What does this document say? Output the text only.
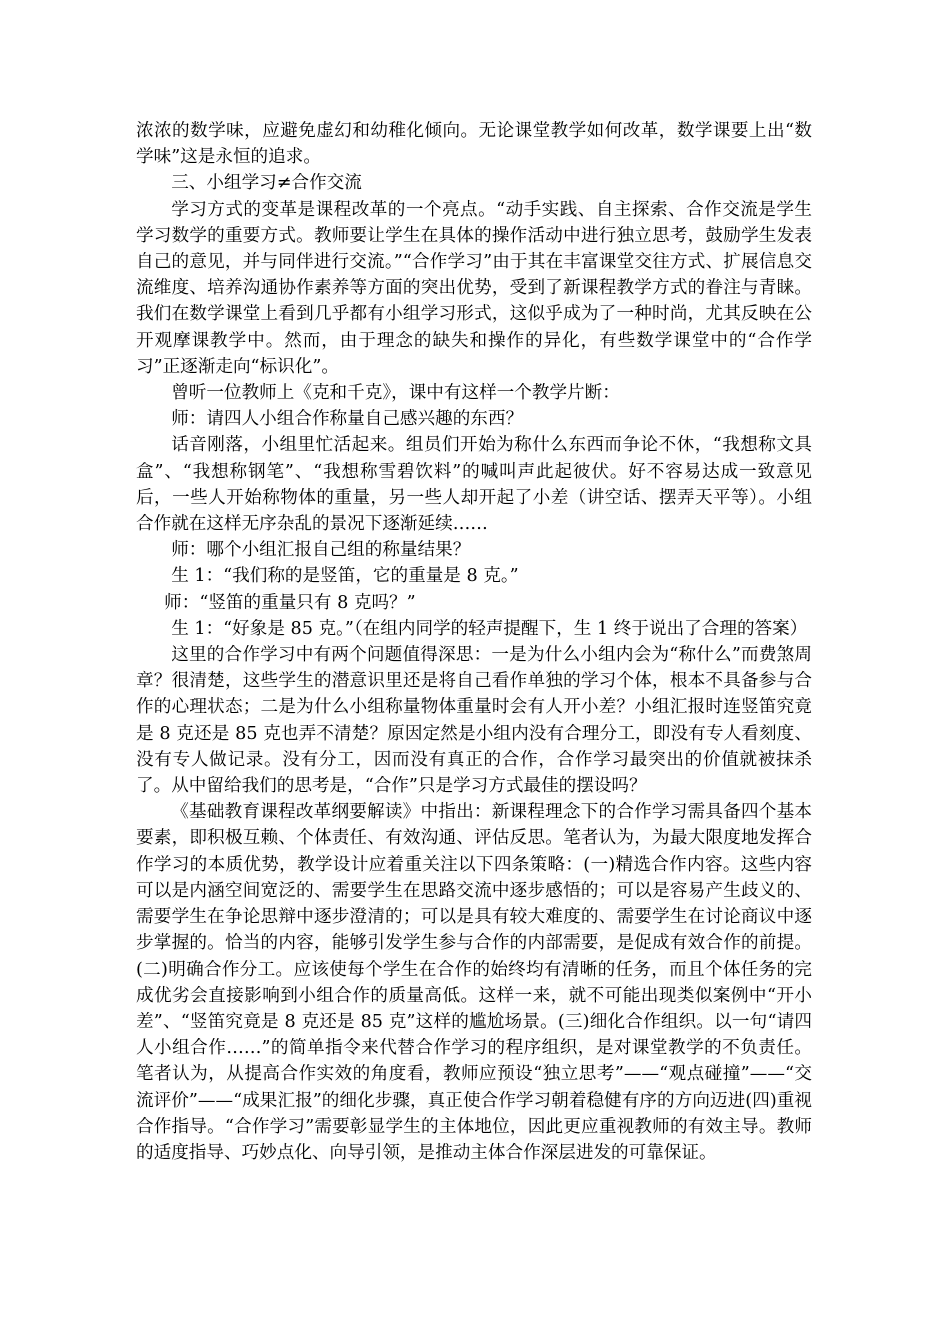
浓浓的数学味，应避免虚幻和幼稚化倾向。无论课堂教学如何改革，数学课要上出“数学味”这是永恒的追求。

三、小组学习≠合作交流

学习方式的变革是课程改革的一个亮点。“动手实践、自主探索、合作交流是学生学习数学的重要方式。教师要让学生在具体的操作活动中进行独立思考，鼓励学生发表自己的意见，并与同伴进行交流。”“合作学习”由于其在丰富课堂交往方式、扩展信息交流维度、培养沟通协作素养等方面的突出优势，受到了新课程教学方式的眷注与青睐。我们在数学课堂上看到几乎都有小组学习形式，这似乎成为了一种时尚，尤其反映在公开观摩课教学中。然而，由于理念的缺失和操作的异化，有些数学课堂中的“合作学习”正逐渐走向“标识化”。

曾听一位教师上《克和千克》，课中有这样一个教学片断：

师：请四人小组合作称量自己感兴趣的东西？

话音刚落，小组里忙活起来。组员们开始为称什么东西而争论不休，“我想称文具盒”、“我想称钢笔”、“我想称雪碧饮料”的喊叫声此起彼伏。好不容易达成一致意见后，一些人开始称物体的重量，另一些人却开起了小差（讲空话、摆弄天平等）。小组合作就在这样无序杂乱的景况下逐渐延续……

师：哪个小组汇报自己组的称量结果？

生 1：“我们称的是竖笛，它的重量是 8 克。”

师：“竖笛的重量只有 8 克吗？”

生 1：“好象是 85 克。”（在组内同学的轻声提醒下，生 1 终于说出了合理的答案）

这里的合作学习中有两个问题值得深思：一是为什么小组内会为“称什么”而费煞周章？很清楚，这些学生的潜意识里还是将自己看作单独的学习个体，根本不具备参与合作的心理状态；二是为什么小组称量物体重量时会有人开小差？小组汇报时连竖笛究竟是 8 克还是 85 克也弄不清楚？原因定然是小组内没有合理分工，即没有专人看刻度、没有专人做记录。没有分工，因而没有真正的合作，合作学习最突出的价值就被抹杀了。从中留给我们的思考是，“合作”只是学习方式最佳的摆设吗？

《基础教育课程改革纲要解读》中指出：新课程理念下的合作学习需具备四个基本要素，即积极互赖、个体责任、有效沟通、评估反思。笔者认为，为最大限度地发挥合作学习的本质优势，教学设计应着重关注以下四条策略：(一)精选合作内容。这些内容可以是内涵空间宽泛的、需要学生在思路交流中逐步感悟的；可以是容易产生歧义的、需要学生在争论思辩中逐步澄清的；可以是具有较大难度的、需要学生在讨论商议中逐步掌握的。恰当的内容，能够引发学生参与合作的内部需要，是促成有效合作的前提。(二)明确合作分工。应该使每个学生在合作的始终均有清晰的任务，而且个体任务的完成优劣会直接影响到小组合作的质量高低。这样一来，就不可能出现类似案例中“开小差”、“竖笛究竟是 8 克还是 85 克”这样的尴尬场景。(三)细化合作组织。以一句“请四人小组合作……”的简单指令来代替合作学习的程序组织，是对课堂教学的不负责任。笔者认为，从提高合作实效的角度看，教师应预设“独立思考”——“观点碰撞”——“交流评价”——“成果汇报”的细化步骤，真正使合作学习朝着稳健有序的方向迈进(四)重视合作指导。“合作学习”需要彰显学生的主体地位，因此更应重视教师的有效主导。教师的适度指导、巧妙点化、向导引领，是推动主体合作深层进发的可靠保证。
